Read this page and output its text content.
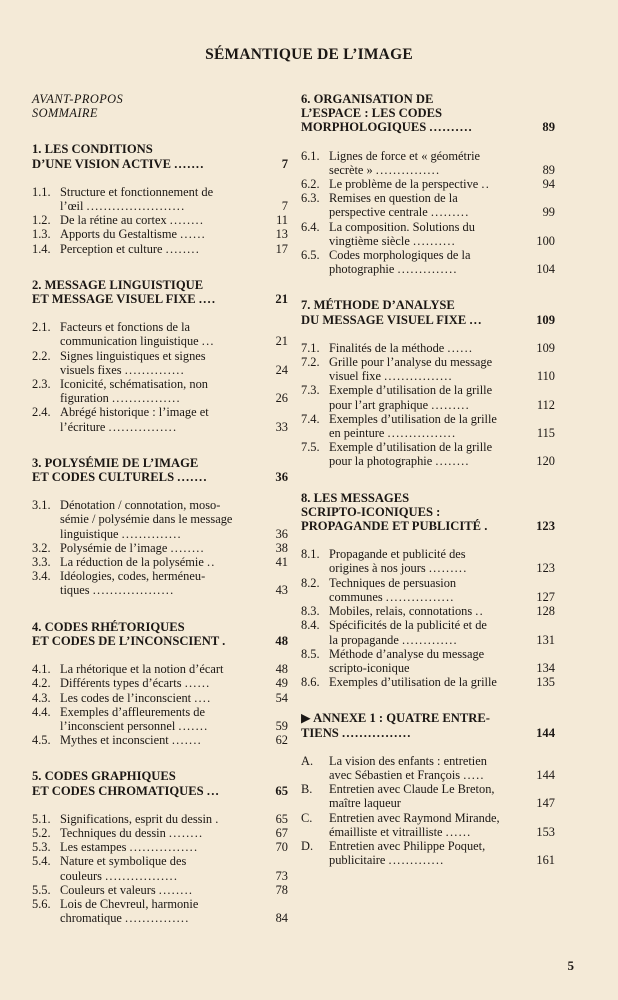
SÉMANTIQUE DE L’IMAGE
AVANT-PROPOS
SOMMAIRE
1. LES CONDITIONS
D’UNE VISION ACTIVE .......	7
1.1. Structure et fonctionnement de
l’œil .......................	7
1.2. De la rétine au cortex ........	11
1.3. Apports du Gestaltisme ......	13
1.4. Perception et culture ........	17
2. MESSAGE LINGUISTIQUE
ET MESSAGE VISUEL FIXE ....	21
2.1. Facteurs et fonctions de la
communication linguistique ...	21
2.2. Signes linguistiques et signes
visuels fixes ..............	24
2.3. Iconicité, schématisation, non
figuration ................	26
2.4. Abrégé historique : l’image et
l’écriture ................	33
3. POLYSÉMIE DE L’IMAGE
ET CODES CULTURELS .......	36
3.1. Dénotation / connotation, moso-
sémie / polysémie dans le message
linguistique ..............	36
3.2. Polysémie de l’image ........	38
3.3. La réduction de la polysémie ..	41
3.4. Idéologies, codes, herméneu-
tiques ...................	43
4. CODES RHÉTORIQUES
ET CODES DE L’INCONSCIENT .	48
4.1. La rhétorique et la notion d’écart	48
4.2. Différents types d’écarts ......	49
4.3. Les codes de l’inconscient ....	54
4.4. Exemples d’affleurements de
l’inconscient personnel .......	59
4.5. Mythes et inconscient .......	62
5. CODES GRAPHIQUES
ET CODES CHROMATIQUES ...	65
5.1. Significations, esprit du dessin .	65
5.2. Techniques du dessin ........	67
5.3. Les estampes ................	70
5.4. Nature et symbolique des
couleurs .................	73
5.5. Couleurs et valeurs ........	78
5.6. Lois de Chevreul, harmonie
chromatique ...............	84
6. ORGANISATION DE
L’ESPACE : LES CODES
MORPHOLOGIQUES ..........	89
6.1. Lignes de force et « géométrie
secrète » ...............	89
6.2. Le problème de la perspective ..	94
6.3. Remises en question de la
perspective centrale .........	99
6.4. La composition. Solutions du
vingtième siècle ..........	100
6.5. Codes morphologiques de la
photographie ..............	104
7. MÉTHODE D’ANALYSE
DU MESSAGE VISUEL FIXE ...	109
7.1. Finalités de la méthode ......	109
7.2. Grille pour l’analyse du message
visuel fixe ................	110
7.3. Exemple d’utilisation de la grille
pour l’art graphique .........	112
7.4. Exemples d’utilisation de la grille
en peinture ................	115
7.5. Exemple d’utilisation de la grille
pour la photographie ........	120
8. LES MESSAGES
SCRIPTO-ICONIQUES :
PROPAGANDE ET PUBLICITÉ .	123
8.1. Propagande et publicité des
origines à nos jours .........	123
8.2. Techniques de persuasion
communes ................	127
8.3. Mobiles, relais, connotations ..	128
8.4. Spécificités de la publicité et de
la propagande .............	131
8.5. Méthode d’analyse du message
scripto-iconique	134
8.6. Exemples d’utilisation de la grille	135
▶ ANNEXE 1 : QUATRE ENTRE-
TIENS ................	144
A. La vision des enfants : entretien
avec Sébastien et François .....	144
B. Entretien avec Claude Le Breton,
maître laqueur	147
C. Entretien avec Raymond Mirande,
émailliste et vitrailliste ......	153
D. Entretien avec Philippe Poquet,
publicitaire .............	161
5
